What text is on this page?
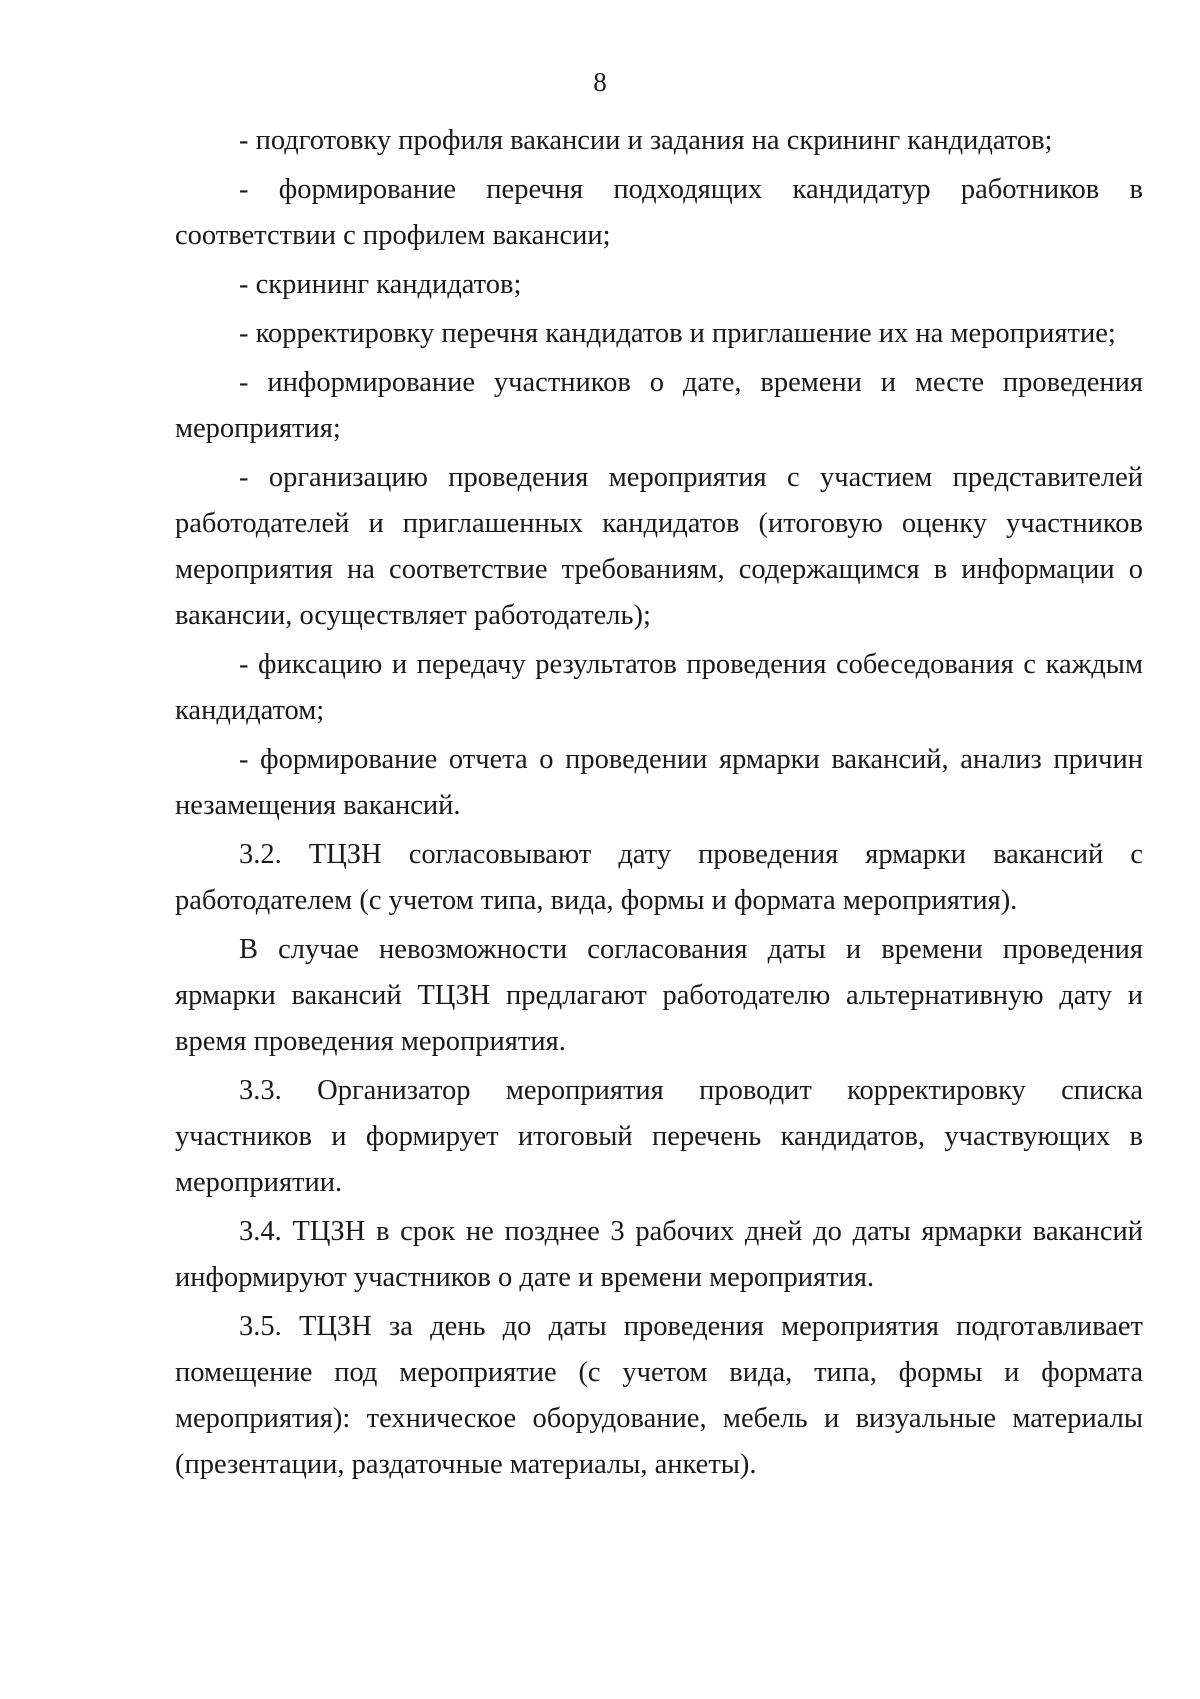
8

- подготовку профиля вакансии и задания на скрининг кандидатов;

- формирование перечня подходящих кандидатур работников в соответствии с профилем вакансии;

- скрининг кандидатов;

- корректировку перечня кандидатов и приглашение их на мероприятие;

- информирование участников о дате, времени и месте проведения мероприятия;

- организацию проведения мероприятия с участием представителей работодателей и приглашенных кандидатов (итоговую оценку участников мероприятия на соответствие требованиям, содержащимся в информации о вакансии, осуществляет работодатель);

- фиксацию и передачу результатов проведения собеседования с каждым кандидатом;

- формирование отчета о проведении ярмарки вакансий, анализ причин незамещения вакансий.

3.2. ТЦЗН согласовывают дату проведения ярмарки вакансий с работодателем (с учетом типа, вида, формы и формата мероприятия).

В случае невозможности согласования даты и времени проведения ярмарки вакансий ТЦЗН предлагают работодателю альтернативную дату и время проведения мероприятия.

3.3. Организатор мероприятия проводит корректировку списка участников и формирует итоговый перечень кандидатов, участвующих в мероприятии.

3.4. ТЦЗН в срок не позднее 3 рабочих дней до даты ярмарки вакансий информируют участников о дате и времени мероприятия.

3.5. ТЦЗН за день до даты проведения мероприятия подготавливает помещение под мероприятие (с учетом вида, типа, формы и формата мероприятия): техническое оборудование, мебель и визуальные материалы (презентации, раздаточные материалы, анкеты).
